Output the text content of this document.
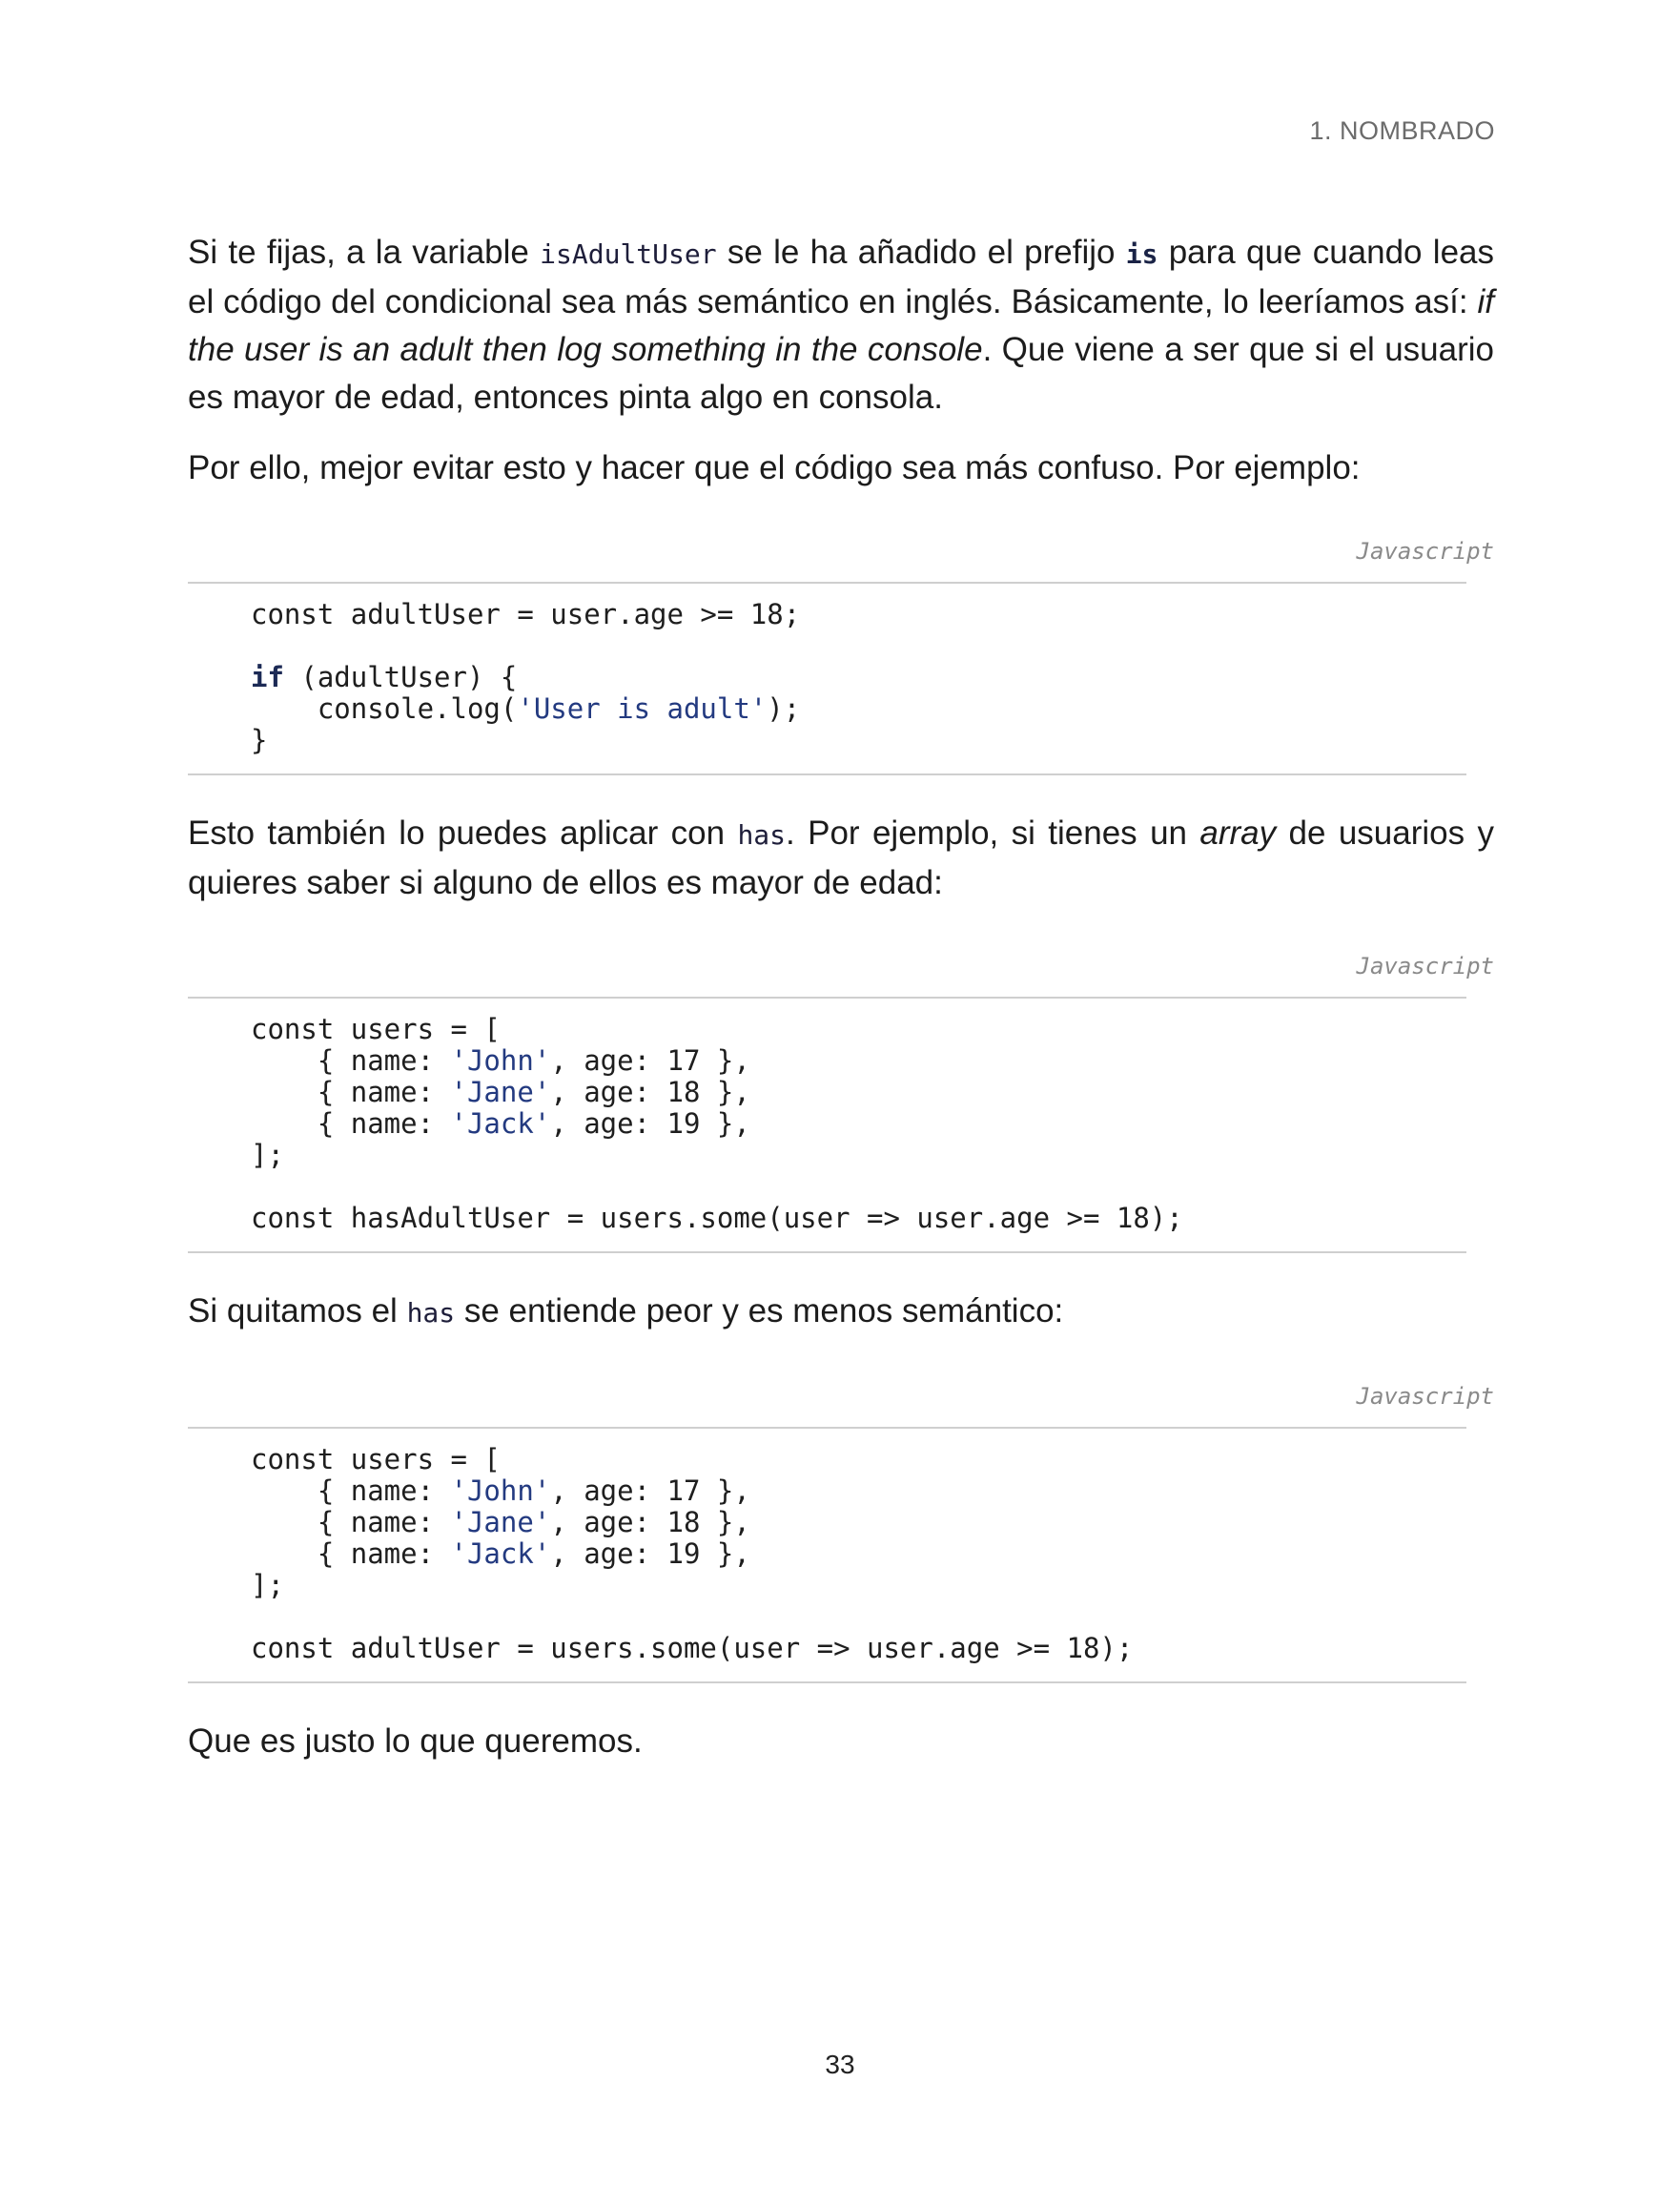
1. NOMBRADO

Si te fijas, a la variable isAdultUser se le ha añadido el prefijo is para que cuando leas el código del condicional sea más semántico en inglés. Básicamente, lo leeríamos así: if the user is an adult then log something in the console. Que viene a ser que si el usuario es mayor de edad, entonces pinta algo en consola.

Por ello, mejor evitar esto y hacer que el código sea más confuso. Por ejemplo:

Javascript
const adultUser = user.age >= 18;
if (adultUser) {
console.log('User is adult');
}

Esto también lo puedes aplicar con has. Por ejemplo, si tienes un array de usuarios y quieres saber si alguno de ellos es mayor de edad:

Javascript
const users = [
{ name: 'John', age: 17 },
{ name: 'Jane', age: 18 },
{ name: 'Jack', age: 19 },
];
const hasAdultUser = users.some(user => user.age >= 18);

Si quitamos el has se entiende peor y es menos semántico:

Javascript
const users = [
{ name: 'John', age: 17 },
{ name: 'Jane', age: 18 },
{ name: 'Jack', age: 19 },
];
const adultUser = users.some(user => user.age >= 18);

Que es justo lo que queremos.

33
